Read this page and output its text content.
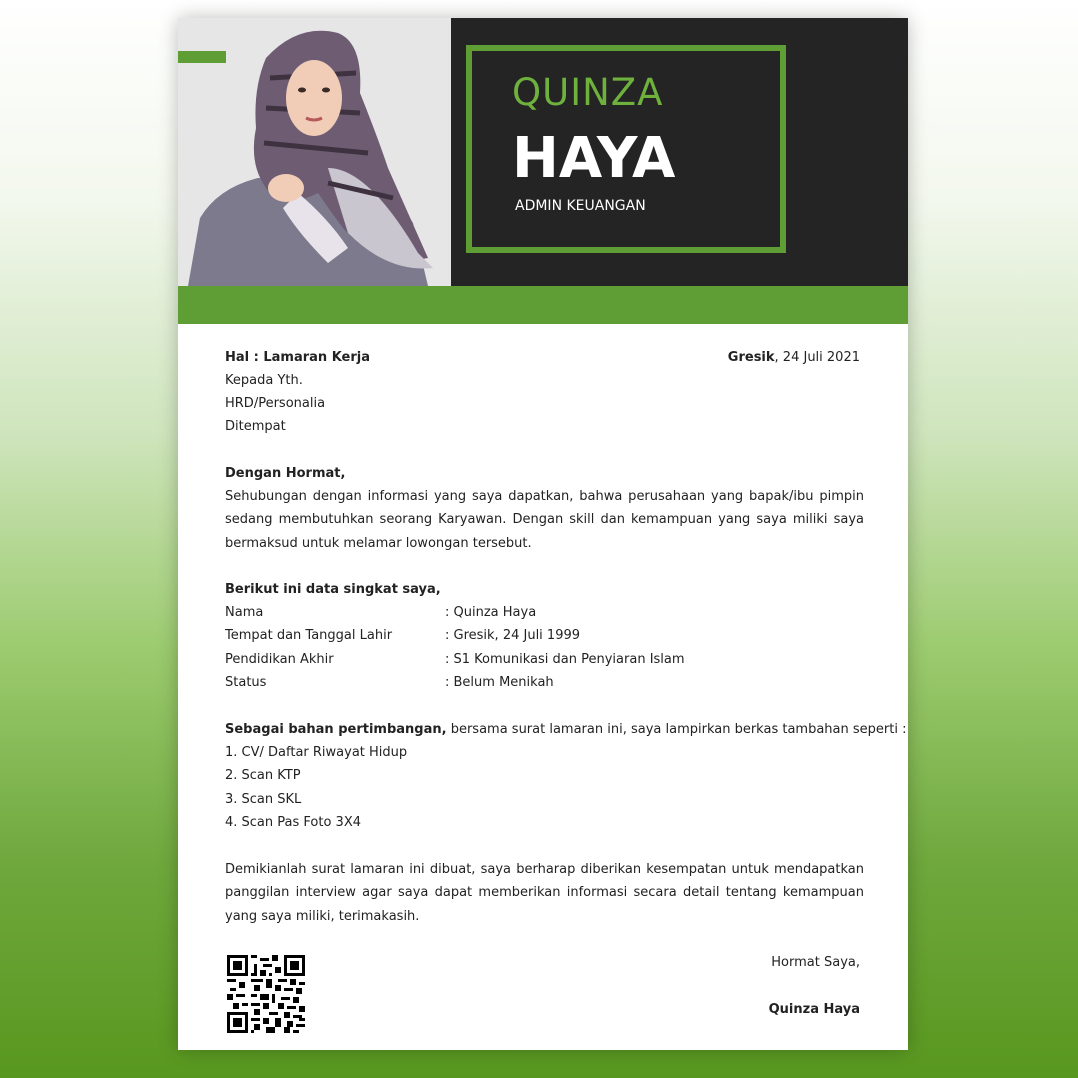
QUINZA
HAYA
ADMIN KEUANGAN
Hal : Lamaran Kerja	Gresik, 24 Juli 2021
Kepada Yth.
HRD/Personalia
Ditempat
Dengan Hormat,
Sehubungan dengan informasi yang saya dapatkan, bahwa perusahaan yang bapak/ibu pimpin sedang membutuhkan seorang Karyawan. Dengan skill dan kemampuan yang saya miliki saya bermaksud untuk melamar lowongan tersebut.
Berikut ini data singkat saya,
Nama	: Quinza Haya
Tempat dan Tanggal Lahir	: Gresik, 24 Juli 1999
Pendidikan Akhir	: S1 Komunikasi dan Penyiaran Islam
Status	: Belum Menikah
Sebagai bahan pertimbangan, bersama surat lamaran ini, saya lampirkan berkas tambahan seperti :
1. CV/ Daftar Riwayat Hidup
2. Scan KTP
3. Scan SKL
4. Scan Pas Foto 3X4
Demikianlah surat lamaran ini dibuat, saya berharap diberikan kesempatan untuk mendapatkan panggilan interview agar saya dapat memberikan informasi secara detail tentang kemampuan yang saya miliki, terimakasih.
Hormat Saya,
Quinza Haya
